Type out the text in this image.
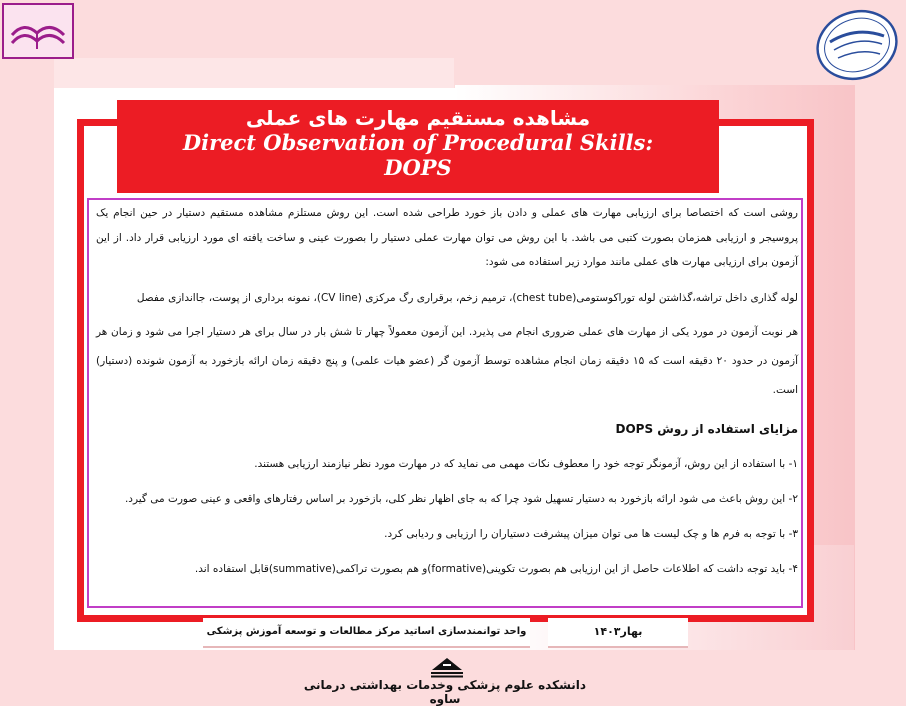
مشاهده مستقیم مهارت های عملی
Direct Observation of Procedural Skills:
DOPS

روشی است که اختصاصا برای ارزیابی مهارت های عملی و دادن باز خورد طراحی شده است. این روش مستلزم مشاهده مستقیم دستیار در حین انجام یک پروسیجر و ارزیابی همزمان بصورت کتبی می باشد. با این روش می توان مهارت عملی دستیار را بصورت عینی و ساخت یافته ای مورد ارزیابی قرار داد. از این آزمون برای ارزیابی مهارت های عملی مانند موارد زیر استفاده می شود:

لوله گذاری داخل تراشه،گذاشتن لوله توراکوستومی(chest tube)، ترمیم زخم، برقراری رگ مرکزی (CV line)، نمونه برداری از پوست، جااندازی مفصل

هر نوبت آزمون در مورد یکی از مهارت های عملی ضروری انجام می پذیرد. این آزمون معمولاً چهار تا شش بار در سال برای هر دستیار اجرا می شود و زمان هر آزمون در حدود ۲۰ دقیقه است که ۱۵ دقیقه زمان انجام مشاهده توسط آزمون گر (عضو هیات علمی) و پنج دقیقه زمان ارائه بازخورد به آزمون شونده (دستیار) است.

مزایای استفاده از روش DOPS

۱- با استفاده از این روش، آزمونگر توجه خود را معطوف نکات مهمی می نماید که در مهارت مورد نظر نیازمند ارزیابی هستند.

۲- این روش باعث می شود ارائه بازخورد به دستیار تسهیل شود چرا که به جای اظهار نظر کلی، بازخورد بر اساس رفتارهای واقعی و عینی صورت می گیرد.

۳- با توجه به فرم ها و چک لیست ها می توان میزان پیشرفت دستیاران را ارزیابی و ردیابی کرد.

۴- باید توجه داشت که اطلاعات حاصل از این ارزیابی هم بصورت تکوینی(formative)و هم بصورت تراکمی(summative)قابل استفاده اند.

واحد توانمندسازی اساتید مرکز مطالعات و توسعه آموزش پزشکی	بهار۱۴۰۳
دانشکده علوم پزشکی وخدمات بهداشتی درمانی ساوه
